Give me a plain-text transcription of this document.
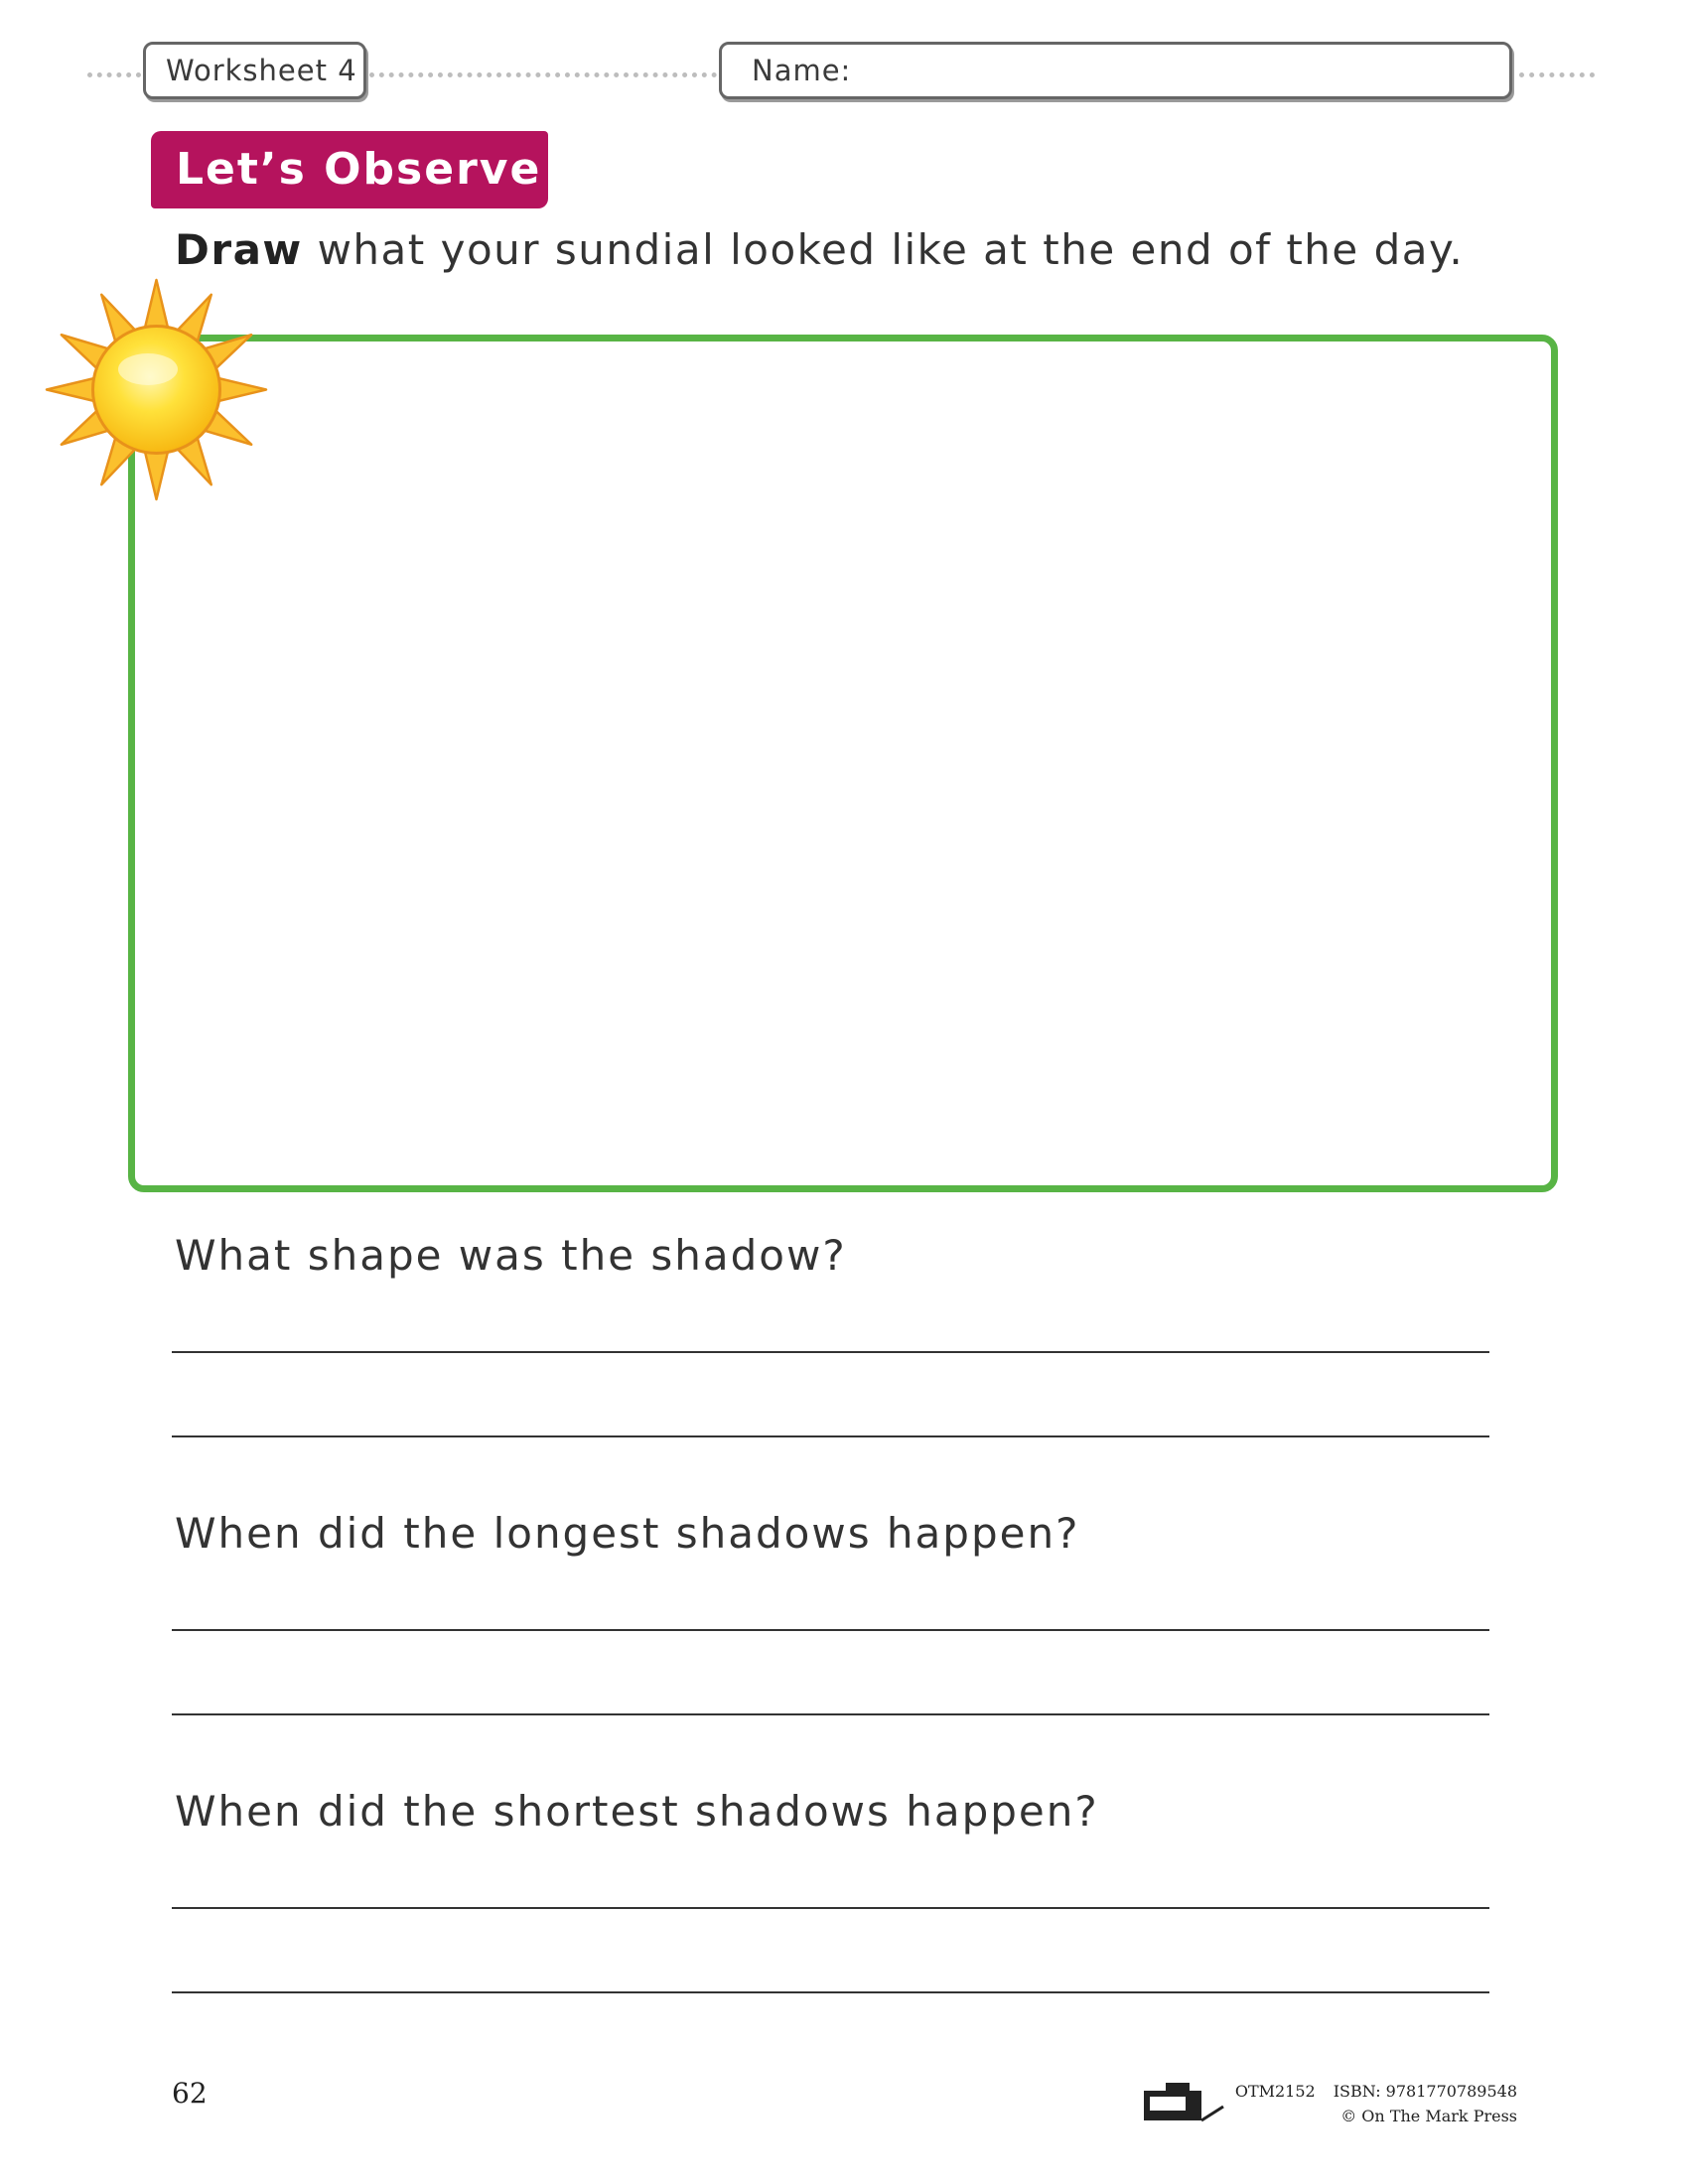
Worksheet 4	Name:
Let’s Observe
Draw what your sundial looked like at the end of the day.
What shape was the shadow?
When did the longest shadows happen?
When did the shortest shadows happen?
62	OTM2152 ISBN: 9781770789548
© On The Mark Press
